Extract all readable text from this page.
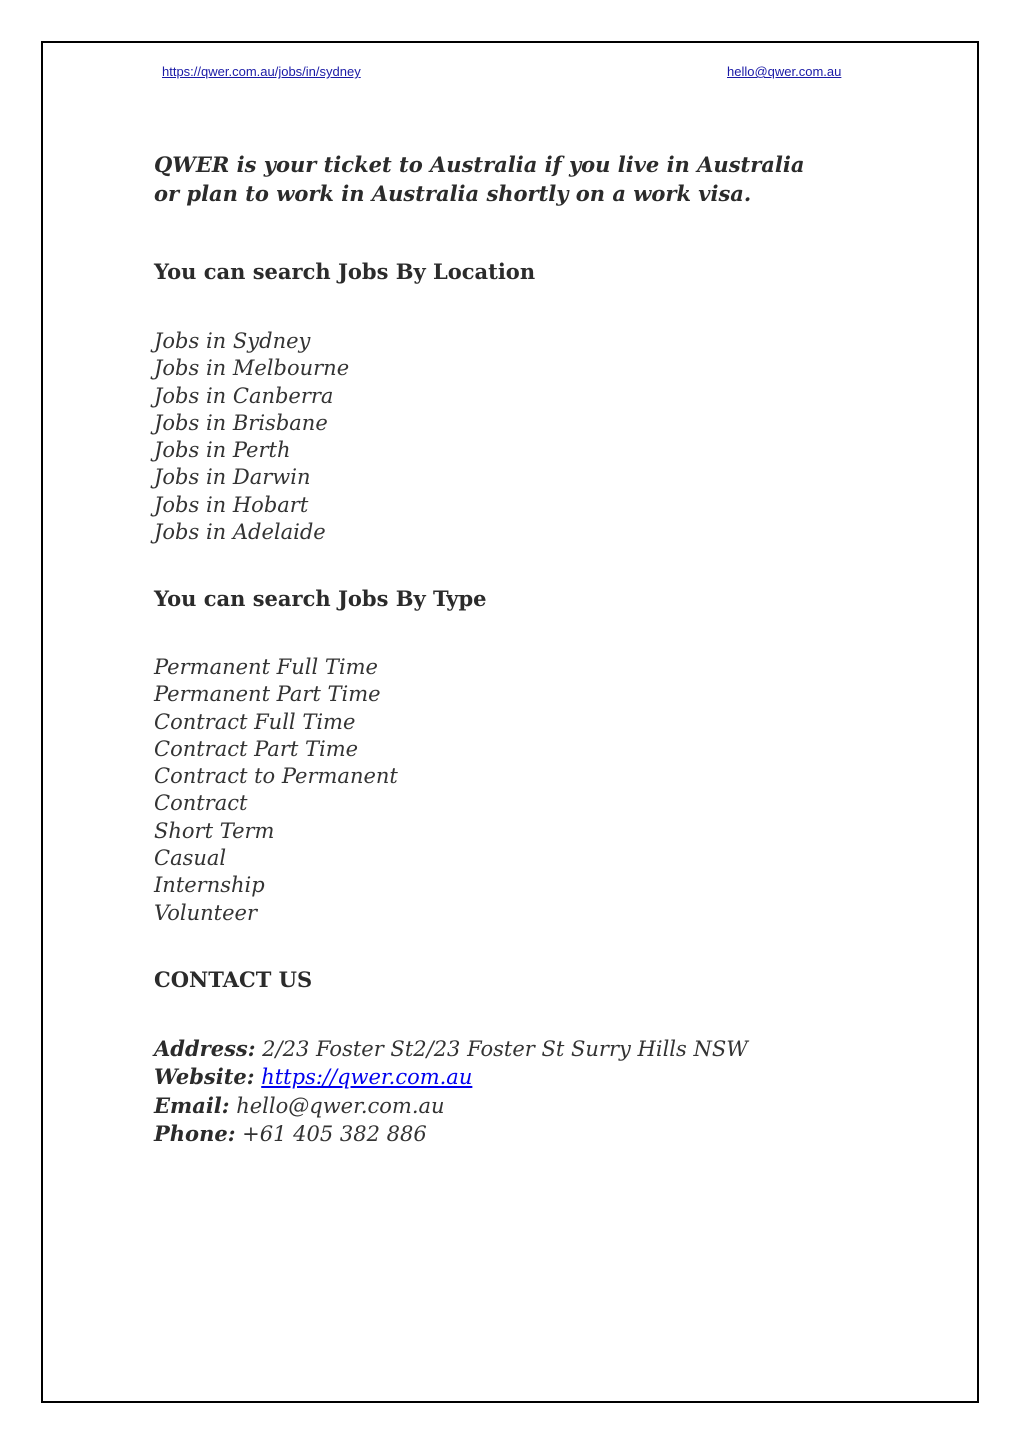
https://qwer.com.au/jobs/in/sydney	hello@qwer.com.au
QWER is your ticket to Australia if you live in Australia
or plan to work in Australia shortly on a work visa.
You can search Jobs By Location
Jobs in Sydney
Jobs in Melbourne
Jobs in Canberra
Jobs in Brisbane
Jobs in Perth
Jobs in Darwin
Jobs in Hobart
Jobs in Adelaide
You can search Jobs By Type
Permanent Full Time
Permanent Part Time
Contract Full Time
Contract Part Time
Contract to Permanent
Contract
Short Term
Casual
Internship
Volunteer
CONTACT US
Address: 2/23 Foster St2/23 Foster St Surry Hills NSW
Website: https://qwer.com.au
Email: hello@qwer.com.au
Phone: +61 405 382 886
